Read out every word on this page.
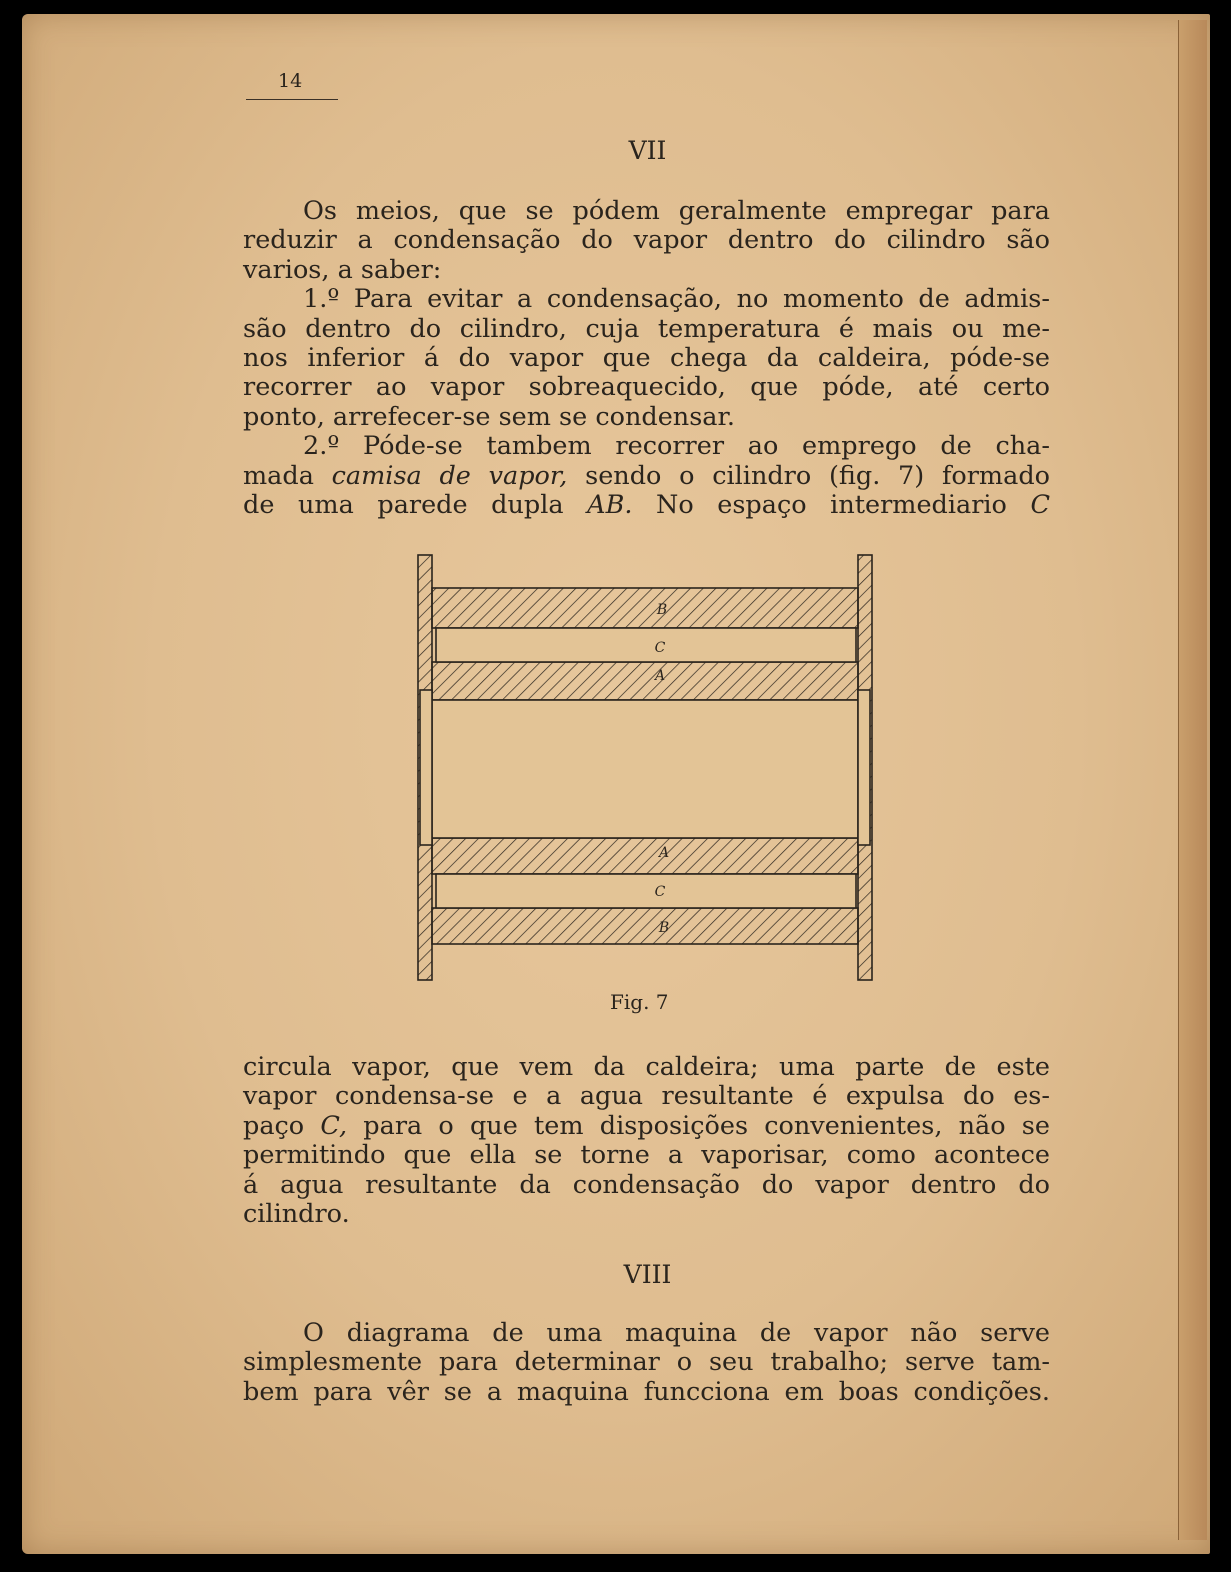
14
VII

Os meios, que se pódem geralmente empregar para

reduzir a condensação do vapor dentro do cilindro são

varios, a saber:

1.º Para evitar a condensação, no momento de admis-

são dentro do cilindro, cuja temperatura é mais ou me-

nos inferior á do vapor que chega da caldeira, póde-se

recorrer ao vapor sobreaquecido, que póde, até certo

ponto, arrefecer-se sem se condensar.

2.º Póde-se tambem recorrer ao emprego de cha-

mada camisa de vapor, sendo o cilindro (fig. 7) formado

de uma parede dupla AB. No espaço intermediario C

B
C
A
A
C
B
Fig. 7

circula vapor, que vem da caldeira; uma parte de este

vapor condensa-se e a agua resultante é expulsa do es-

paço C, para o que tem disposições convenientes, não se

permitindo que ella se torne a vaporisar, como acontece

á agua resultante da condensação do vapor dentro do

cilindro.

VIII

O diagrama de uma maquina de vapor não serve

simplesmente para determinar o seu trabalho; serve tam-

bem para vêr se a maquina funcciona em boas condições.
